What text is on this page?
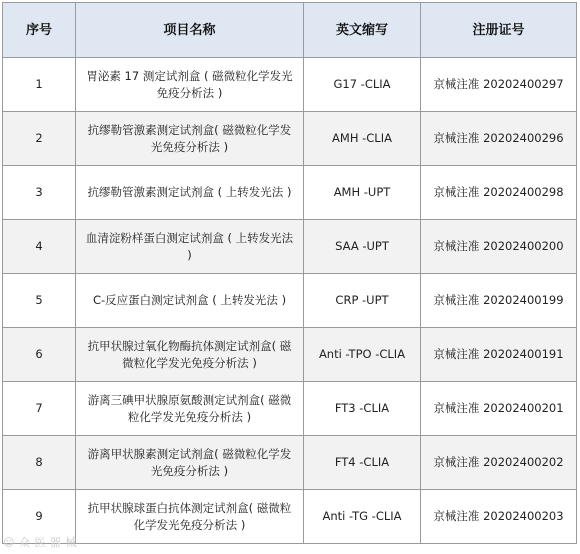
序号	项目名称	英文缩写	注册证号
1	胃泌素 17 测定试剂盒 ( 磁微粒化学发光免疫分析法 )	G17 -CLIA	京械注准 20202400297
2	抗缪勒管激素测定试剂盒( 磁微粒化学发光免疫分析法 )	AMH -CLIA	京械注准 20202400296
3	抗缪勒管激素测定试剂盒 ( 上转发光法 )	AMH -UPT	京械注准 20202400298
4	血清淀粉样蛋白测定试剂盒 ( 上转发光法 )	SAA -UPT	京械注准 20202400200
5	C-反应蛋白测定试剂盒 ( 上转发光法 )	CRP -UPT	京械注准 20202400199
6	抗甲状腺过氧化物酶抗体测定试剂盒( 磁微粒化学发光免疫分析法 )	Anti -TPO -CLIA	京械注准 20202400191
7	游离三碘甲状腺原氨酸测定试剂盒( 磁微粒化学发光免疫分析法 )	FT3 -CLIA	京械注准 20202400201
8	游离甲状腺素测定试剂盒( 磁微粒化学发光免疫分析法 )	FT4 -CLIA	京械注准 20202400202
9	抗甲状腺球蛋白抗体测定试剂盒( 磁微粒化学发光免疫分析法 )	Anti -TG -CLIA	京械注准 20202400203
☺ 众 医 器 械
